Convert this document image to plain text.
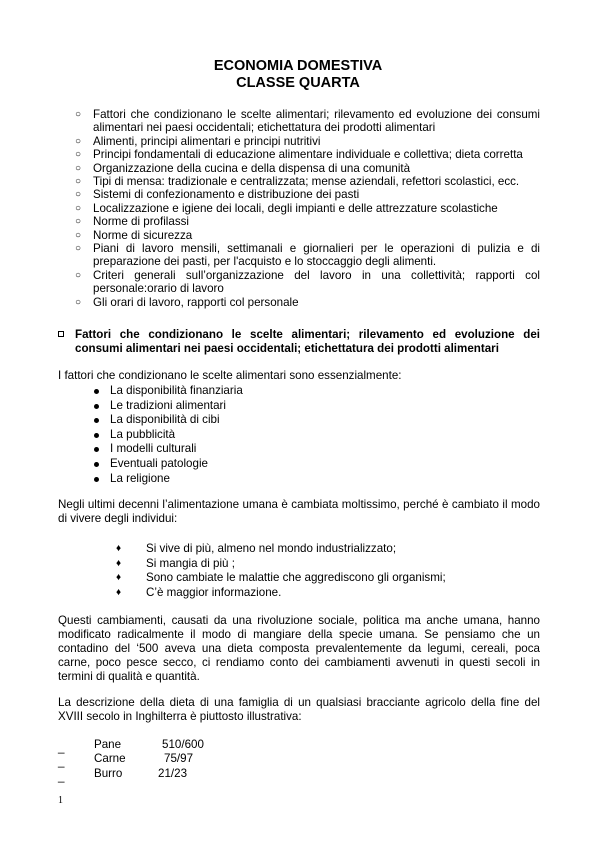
ECONOMIA DOMESTIVA
CLASSE QUARTA
○ Fattori che condizionano le scelte alimentari; rilevamento ed evoluzione dei consumi alimentari nei paesi occidentali; etichettatura dei prodotti alimentari
○ Alimenti, principi alimentari e principi nutritivi
○ Principi fondamentali di educazione alimentare individuale e collettiva; dieta corretta
○ Organizzazione della cucina e della dispensa di una comunità
○ Tipi di mensa: tradizionale e centralizzata; mense aziendali, refettori scolastici, ecc.
○ Sistemi di confezionamento e distribuzione dei pasti
○ Localizzazione e igiene dei locali, degli impianti e delle attrezzature scolastiche
○ Norme di profilassi
○ Norme di sicurezza
○ Piani di lavoro mensili, settimanali e giornalieri per le operazioni di pulizia e di preparazione dei pasti, per l'acquisto e lo stoccaggio degli alimenti.
○ Criteri generali sull’organizzazione del lavoro in una collettività; rapporti col personale:orario di lavoro
○ Gli orari di lavoro, rapporti col personale
Fattori che condizionano le scelte alimentari; rilevamento ed evoluzione dei consumi alimentari nei paesi occidentali; etichettatura dei prodotti alimentari

I fattori che condizionano le scelte alimentari sono essenzialmente:

La disponibilità finanziaria
Le tradizioni alimentari
La disponibilità di cibi
La pubblicità
I modelli culturali
Eventuali patologie
La religione

Negli ultimi decenni l’alimentazione umana è cambiata moltissimo, perché è cambiato il modo di vivere degli individui:

♦ Si vive di più, almeno nel mondo industrializzato;
♦ Si mangia di più ;
♦ Sono cambiate le malattie che aggrediscono gli organismi;
♦ C’è maggior informazione.

Questi cambiamenti, causati da una rivoluzione sociale, politica ma anche umana, hanno modificato radicalmente il modo di mangiare della specie umana. Se pensiamo che un contadino del ‘500 aveva una dieta composta prevalentemente da legumi, cereali, poca carne, poco pesce secco, ci rendiamo conto dei cambiamenti avvenuti in questi secoli in termini di qualità e quantità.

La descrizione della dieta di una famiglia di un qualsiasi bracciante agricolo della fine del XVIII secolo in Inghilterra è piuttosto illustrativa:

_	Pane	510/600
_	Carne	75/97
_	Burro	21/23
1
